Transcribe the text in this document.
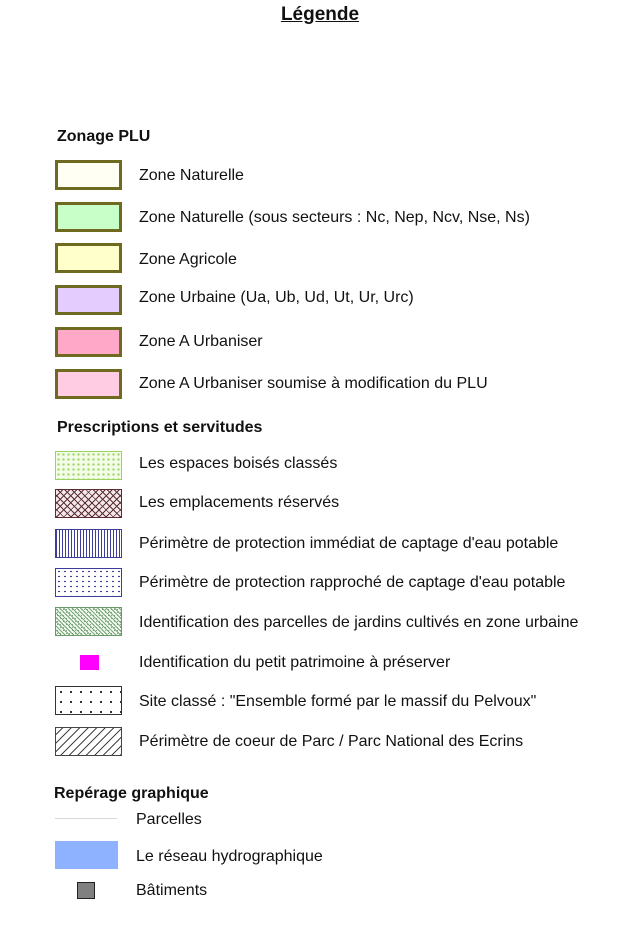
Légende
Zonage PLU
Zone Naturelle
Zone Naturelle (sous secteurs : Nc, Nep, Ncv, Nse, Ns)
Zone Agricole
Zone Urbaine (Ua, Ub, Ud, Ut, Ur, Urc)
Zone A Urbaniser
Zone A Urbaniser soumise à modification du PLU
Prescriptions et servitudes
Les espaces boisés classés
Les emplacements réservés
Périmètre de protection immédiat de captage d'eau potable
Périmètre de protection rapproché de captage d'eau potable
Identification des parcelles de jardins cultivés en zone urbaine
Identification du petit patrimoine à préserver
Site classé : "Ensemble formé par le massif du Pelvoux"
Périmètre de coeur de Parc / Parc National des Ecrins
Repérage graphique
Parcelles
Le réseau hydrographique
Bâtiments
